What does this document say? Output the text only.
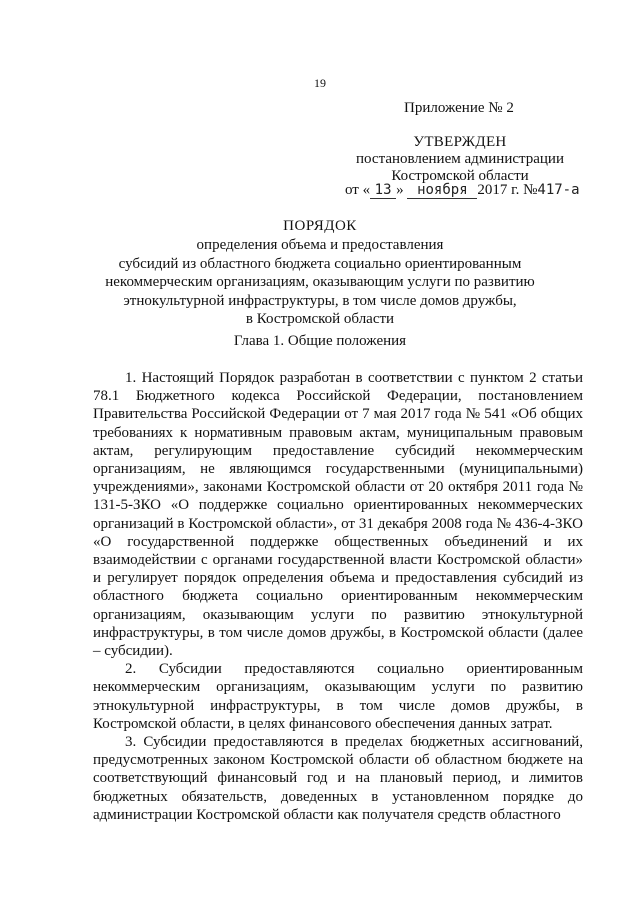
19
Приложение № 2
УТВЕРЖДЕН
постановлением администрации
Костромской области
от « 13 » ноября 2017 г. №417-а
ПОРЯДОК
определения объема и предоставления
субсидий из областного бюджета социально ориентированным
некоммерческим организациям, оказывающим услуги по развитию
этнокультурной инфраструктуры, в том числе домов дружбы,
в Костромской области
Глава 1. Общие положения

1. Настоящий Порядок разработан в соответствии с пунктом 2 статьи 78.1 Бюджетного кодекса Российской Федерации, постановлением Правительства Российской Федерации от 7 мая 2017 года № 541 «Об общих требованиях к нормативным правовым актам, муниципальным правовым актам, регулирующим предоставление субсидий некоммерческим организациям, не являющимся государственными (муниципальными) учреждениями», законами Костромской области от 20 октября 2011 года № 131-5-ЗКО «О поддержке социально ориентированных некоммерческих организаций в Костромской области», от 31 декабря 2008 года № 436-4-ЗКО «О государственной поддержке общественных объединений и их взаимодействии с органами государственной власти Костромской области» и регулирует порядок определения объема и предоставления субсидий из областного бюджета социально ориентированным некоммерческим организациям, оказывающим услуги по развитию этнокультурной инфраструктуры, в том числе домов дружбы, в Костромской области (далее – субсидии).

2. Субсидии предоставляются социально ориентированным некоммерческим организациям, оказывающим услуги по развитию этнокультурной инфраструктуры, в том числе домов дружбы, в Костромской области, в целях финансового обеспечения данных затрат.

3. Субсидии предоставляются в пределах бюджетных ассигнований, предусмотренных законом Костромской области об областном бюджете на соответствующий финансовый год и на плановый период, и лимитов бюджетных обязательств, доведенных в установленном порядке до администрации Костромской области как получателя средств областного
